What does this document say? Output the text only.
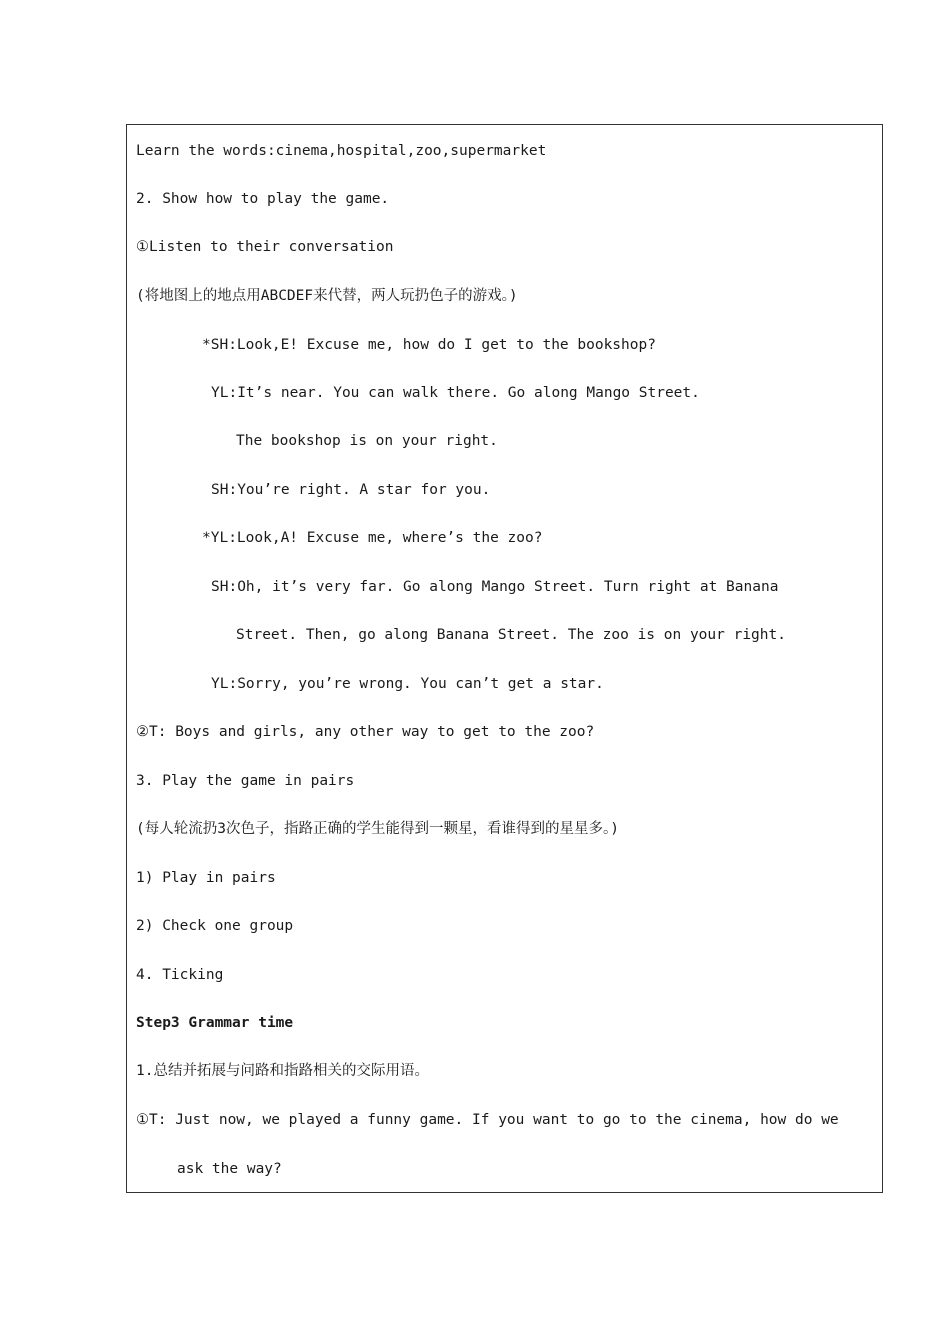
Learn the words:cinema,hospital,zoo,supermarket
2. Show how to play the game.
①Listen to their conversation
(将地图上的地点用ABCDEF来代替，两人玩扔色子的游戏。)
*SH:Look,E! Excuse me, how do I get to the bookshop?
YL:It’s near. You can walk there. Go along Mango Street.
The bookshop is on your right.
SH:You’re right. A star for you.
*YL:Look,A! Excuse me, where’s the zoo?
SH:Oh, it’s very far. Go along Mango Street. Turn right at Banana
Street. Then, go along Banana Street. The zoo is on your right.
YL:Sorry, you’re wrong. You can’t get a star.
②T: Boys and girls, any other way to get to the zoo?
3. Play the game in pairs
(每人轮流扔3次色子，指路正确的学生能得到一颗星，看谁得到的星星多。)
1) Play in pairs
2) Check one group
4. Ticking
Step3 Grammar time
1.总结并拓展与问路和指路相关的交际用语。
①T: Just now, we played a funny game. If you want to go to the cinema, how do we
ask the way?
